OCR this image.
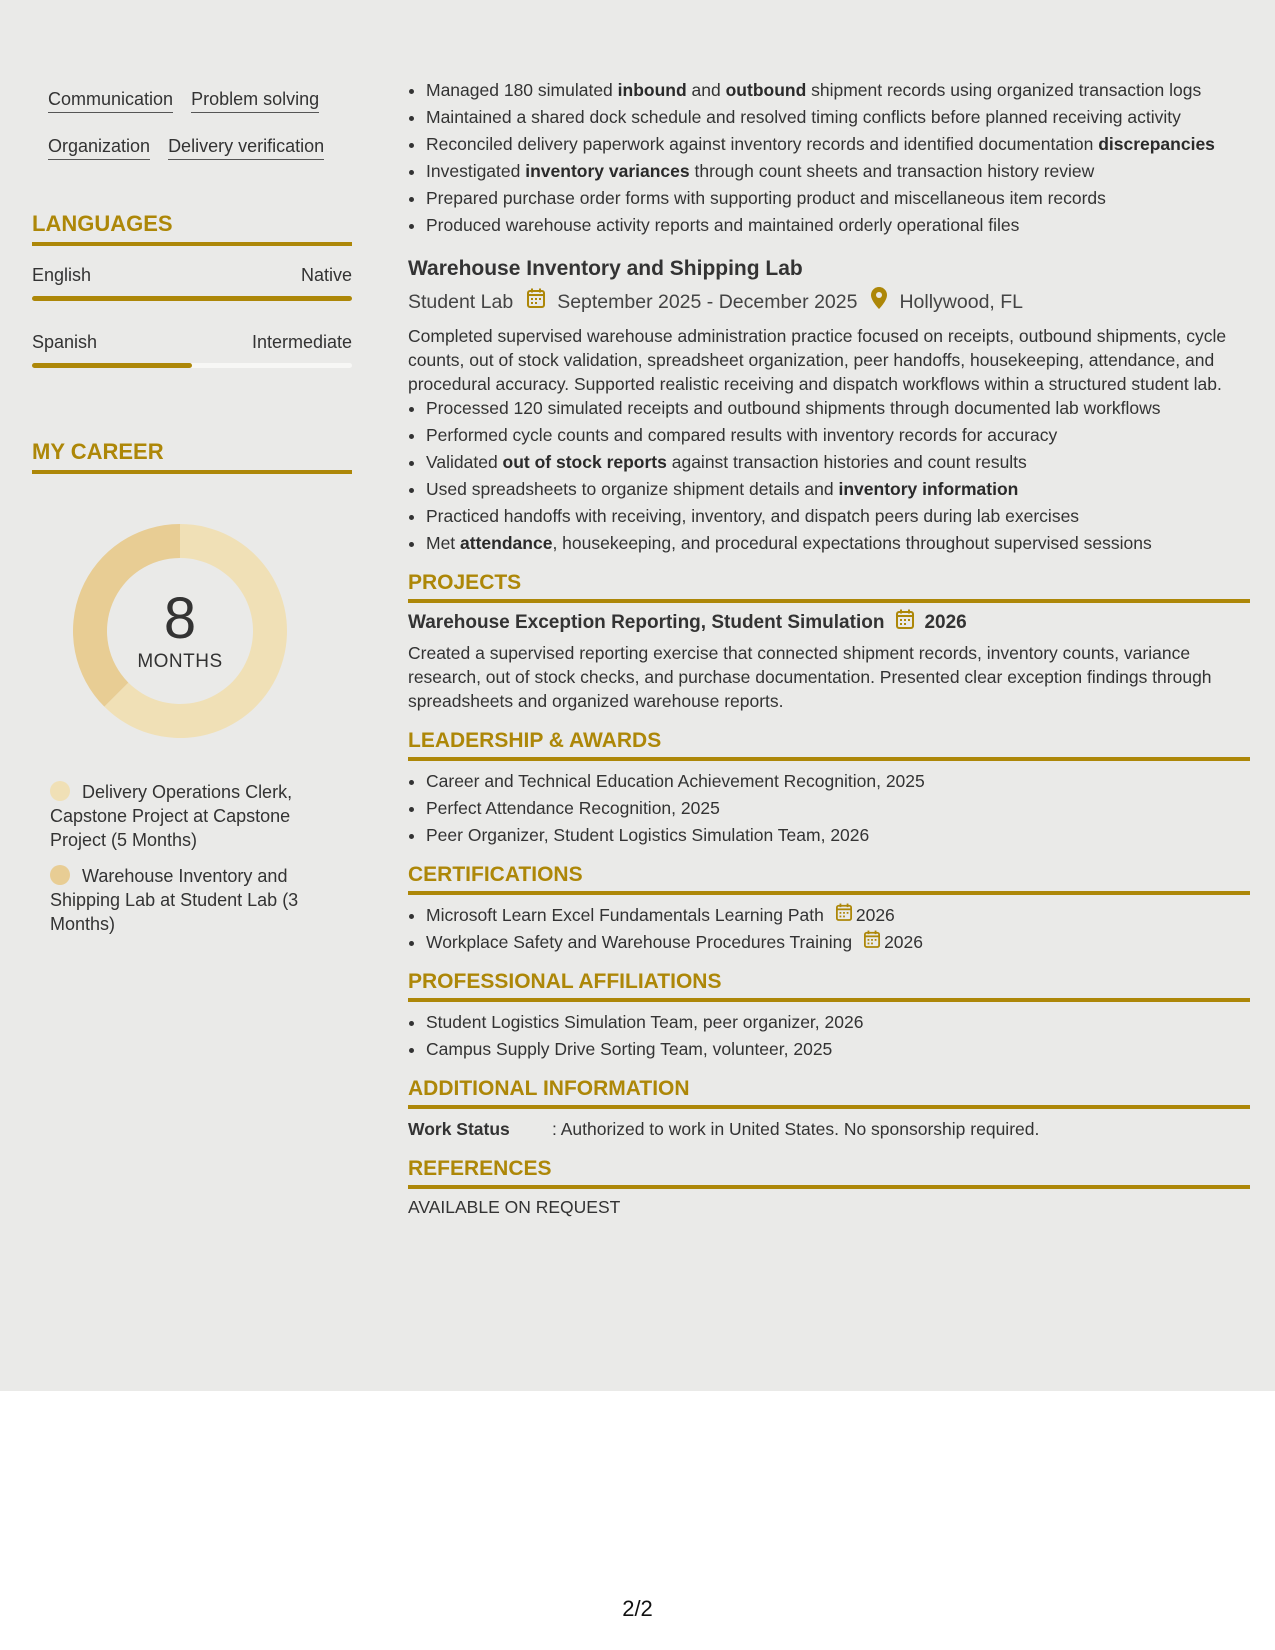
Communication Problem solving
Organization Delivery verification
LANGUAGES
English	Native
Spanish	Intermediate
MY CAREER
8
MONTHS
Delivery Operations Clerk, Capstone Project at Capstone Project (5 Months)
Warehouse Inventory and Shipping Lab at Student Lab (3 Months)
• Managed 180 simulated inbound and outbound shipment records using organized transaction logs
• Maintained a shared dock schedule and resolved timing conflicts before planned receiving activity
• Reconciled delivery paperwork against inventory records and identified documentation discrepancies
• Investigated inventory variances through count sheets and transaction history review
• Prepared purchase order forms with supporting product and miscellaneous item records
• Produced warehouse activity reports and maintained orderly operational files
Warehouse Inventory and Shipping Lab
Student Lab September 2025 - December 2025 Hollywood, FL
Completed supervised warehouse administration practice focused on receipts, outbound shipments, cycle counts, out of stock validation, spreadsheet organization, peer handoffs, housekeeping, attendance, and procedural accuracy. Supported realistic receiving and dispatch workflows within a structured student lab.
• Processed 120 simulated receipts and outbound shipments through documented lab workflows
• Performed cycle counts and compared results with inventory records for accuracy
• Validated out of stock reports against transaction histories and count results
• Used spreadsheets to organize shipment details and inventory information
• Practiced handoffs with receiving, inventory, and dispatch peers during lab exercises
• Met attendance, housekeeping, and procedural expectations throughout supervised sessions
PROJECTS
Warehouse Exception Reporting, Student Simulation 2026
Created a supervised reporting exercise that connected shipment records, inventory counts, variance research, out of stock checks, and purchase documentation. Presented clear exception findings through spreadsheets and organized warehouse reports.
LEADERSHIP & AWARDS
• Career and Technical Education Achievement Recognition, 2025
• Perfect Attendance Recognition, 2025
• Peer Organizer, Student Logistics Simulation Team, 2026
CERTIFICATIONS
• Microsoft Learn Excel Fundamentals Learning Path 2026
• Workplace Safety and Warehouse Procedures Training 2026
PROFESSIONAL AFFILIATIONS
• Student Logistics Simulation Team, peer organizer, 2026
• Campus Supply Drive Sorting Team, volunteer, 2025
ADDITIONAL INFORMATION
Work Status	: Authorized to work in United States. No sponsorship required.
REFERENCES
AVAILABLE ON REQUEST
2/2
